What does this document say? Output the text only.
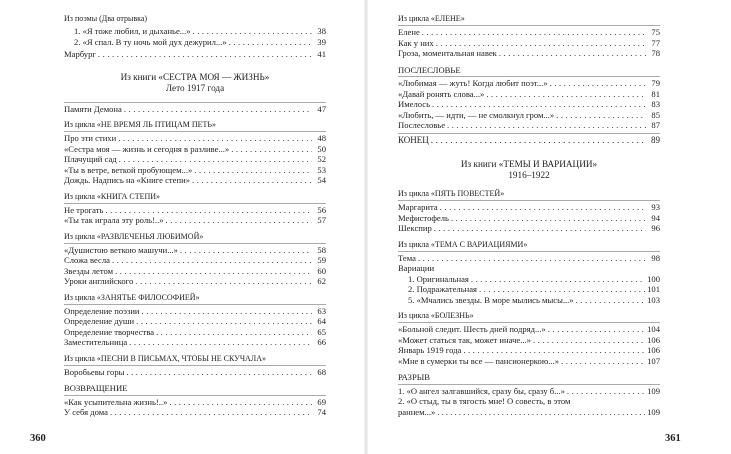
Из поэмы (Два отрывка)
1. «Я тоже любил, и дыханье...» . . .	38
2. «Я спал. В ту ночь мой дух дежурил...» . . .	39
Марбург . . .	41
Из книги «СЕСТРА МОЯ — ЖИЗНЬ»
Лето 1917 года
Памяти Демона . . .	47
Из цикла «НЕ ВРЕМЯ ЛЬ ПТИЦАМ ПЕТЬ»
Про эти стихи . . .	48
«Сестра моя — жизнь и сегодня в разливе...» . . .	50
Плачущий сад . . .	52
«Ты в ветре, веткой пробующем...» . . .	53
Дождь. Надпись на «Книге степи» . . .	54
Из цикла «КНИГА СТЕПИ»
Не трогать . . .	56
«Ты так играла эту роль!..» . . .	57
Из цикла «РАЗВЛЕЧЕНЬЯ ЛЮБИМОЙ»
«Душистою веткою машучи...» . . .	58
Сложа весла . . .	59
Звезды летом . . .	60
Уроки английского . . .	62
Из цикла «ЗАНЯТЬЕ ФИЛОСОФИЕЙ»
Определение поэзии . . .	63
Определение души . . .	64
Определение творчества . . .	65
Заместительница . . .	66
Из цикла «ПЕСНИ В ПИСЬМАХ, ЧТОБЫ НЕ СКУЧАЛА»
Воробьевы горы . . .	68
ВОЗВРАЩЕНИЕ
«Как усыпительна жизнь!..» . . .	69
У себя дома . . .	74
Из цикла «ЕЛЕНЕ»
Елене . . .	75
Как у них . . .	77
Гроза, моментальная навек . . .	78
ПОСЛЕСЛОВЬЕ
«Любимая — жуть! Когда любит поэт...» . . .	79
«Давай ронять слова...» . . .	81
Имелось . . .	83
«Любить, — идти, — не смолкнул гром...» . . .	85
Послесловье . . .	87
КОНЕЦ . . .	89
Из книги «ТЕМЫ И ВАРИАЦИИ»
1916–1922
Из цикла «ПЯТЬ ПОВЕСТЕЙ»
Маргарита . . .	93
Мефистофель . . .	94
Шекспир . . .	96
Из цикла «ТЕМА С ВАРИАЦИЯМИ»
Тема . . .	98
Вариации
1. Оригинальная . . .	100
2. Подражательная . . .	101
5. «Мчались звезды. В море мылись мысы...» . . .	103
Из цикла «БОЛЕЗНЬ»
«Больной следит. Шесть дней подряд...» . . .	104
«Может статься так, может иначе...» . . .	106
Январь 1919 года . . .	106
«Мне в сумерки ты все — пансионеркою...» . . .	107
РАЗРЫВ
1. «О ангел залгавшийся, сразу бы, сразу б...» . . .	109
2. «О стыд, ты в тягость мне! О совесть, в этом
раннем...» . . .	109
360	361
